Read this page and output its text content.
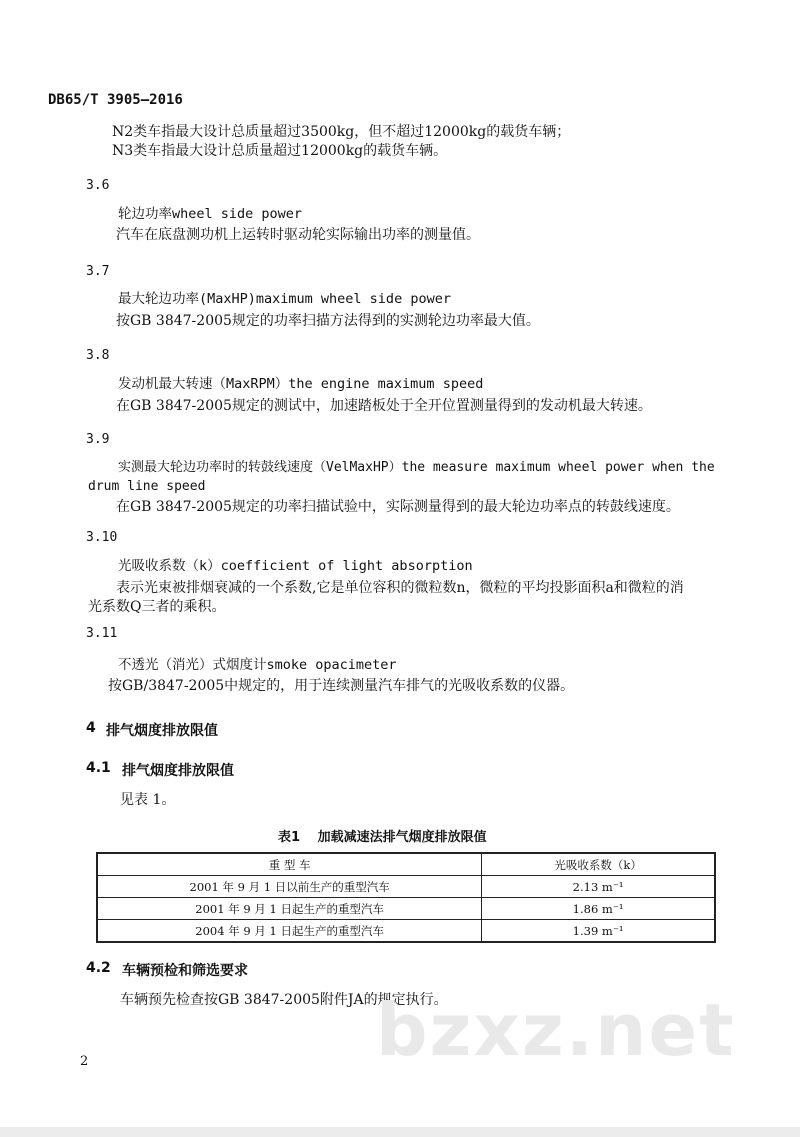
DB65/T 3905—2016
N2类车指最大设计总质量超过3500kg，但不超过12000kg的载货车辆；
N3类车指最大设计总质量超过12000kg的载货车辆。
3.6
轮边功率wheel side power
汽车在底盘测功机上运转时驱动轮实际输出功率的测量值。
3.7
最大轮边功率(MaxHP)maximum wheel side power
按GB 3847-2005规定的功率扫描方法得到的实测轮边功率最大值。
3.8
发动机最大转速（MaxRPM）the engine maximum speed
在GB 3847-2005规定的测试中，加速踏板处于全开位置测量得到的发动机最大转速。
3.9
实测最大轮边功率时的转鼓线速度（VelMaxHP）the measure maximum wheel power when the
drum line speed
在GB 3847-2005规定的功率扫描试验中，实际测量得到的最大轮边功率点的转鼓线速度。
3.10
光吸收系数（k）coefficient of light absorption
表示光束被排烟衰减的一个系数,它是单位容积的微粒数n，微粒的平均投影面积a和微粒的消
光系数Q三者的乘积。
3.11
不透光（消光）式烟度计smoke opacimeter
按GB/3847-2005中规定的，用于连续测量汽车排气的光吸收系数的仪器。
4 排气烟度排放限值
4.1 排气烟度排放限值
见表 1。
表1　 加载减速法排气烟度排放限值
重 型 车	光吸收系数（k）
2001 年 9 月 1 日以前生产的重型汽车	2.13 m⁻¹
2001 年 9 月 1 日起生产的重型汽车	1.86 m⁻¹
2004 年 9 月 1 日起生产的重型汽车	1.39 m⁻¹
4.2 车辆预检和筛选要求
车辆预先检查按GB 3847-2005附件JA的规定执行。
bzxz.net
2
